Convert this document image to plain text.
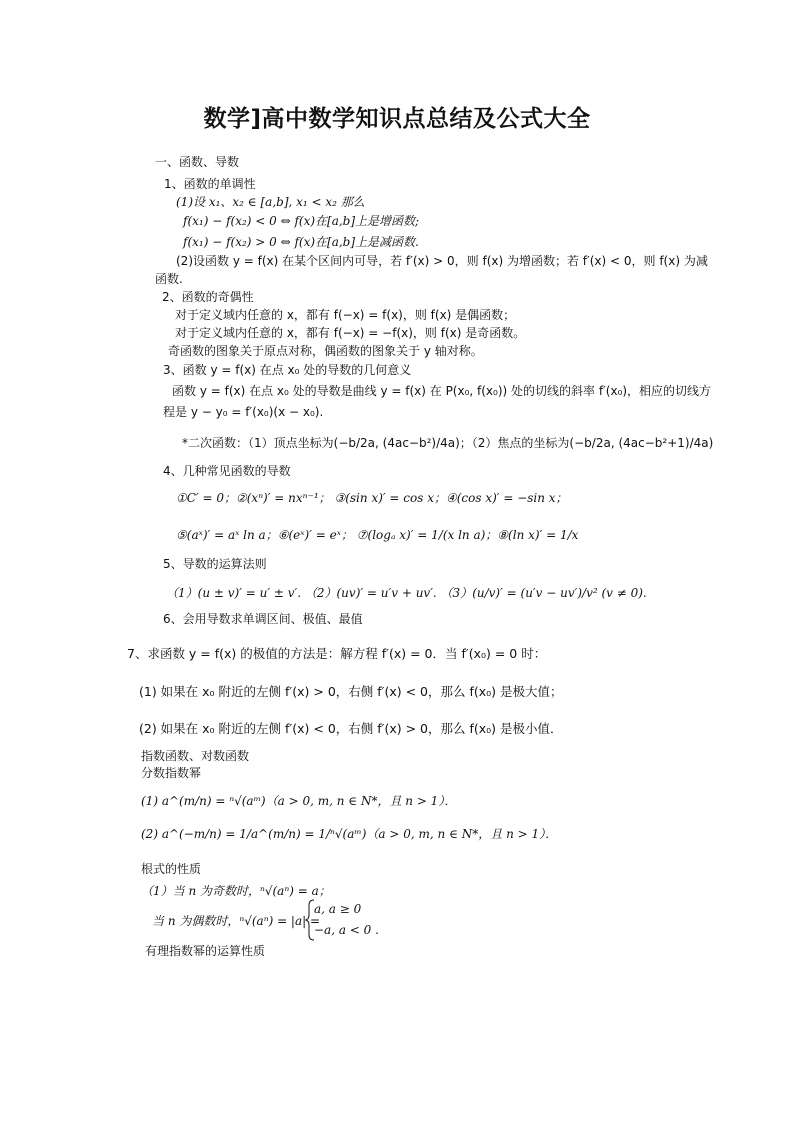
数学]高中数学知识点总结及公式大全
一、函数、导数
1、函数的单调性
(1)设 x₁、x₂ ∈ [a,b], x₁ < x₂ 那么
f(x₁) − f(x₂) < 0 ⇔ f(x)在[a,b]上是增函数;
f(x₁) − f(x₂) > 0 ⇔ f(x)在[a,b]上是减函数.
(2)设函数 y = f(x) 在某个区间内可导，若 f′(x) > 0，则 f(x) 为增函数；若 f′(x) < 0，则 f(x) 为减
函数.
2、函数的奇偶性
对于定义域内任意的 x，都有 f(−x) = f(x)，则 f(x) 是偶函数；
对于定义域内任意的 x，都有 f(−x) = −f(x)，则 f(x) 是奇函数。
奇函数的图象关于原点对称，偶函数的图象关于 y 轴对称。
3、函数 y = f(x) 在点 x₀ 处的导数的几何意义
函数 y = f(x) 在点 x₀ 处的导数是曲线 y = f(x) 在 P(x₀, f(x₀)) 处的切线的斜率 f′(x₀)，相应的切线方
程是 y − y₀ = f′(x₀)(x − x₀).
*二次函数：（1）顶点坐标为(−b/2a, (4ac−b²)/4a)；（2）焦点的坐标为(−b/2a, (4ac−b²+1)/4a)
4、几种常见函数的导数
①C′ = 0；②(xⁿ)′ = nxⁿ⁻¹； ③(sin x)′ = cos x；④(cos x)′ = −sin x；
⑤(aˣ)′ = aˣ ln a；⑥(eˣ)′ = eˣ； ⑦(logₐ x)′ = 1/(x ln a)；⑧(ln x)′ = 1/x
5、导数的运算法则
（1）(u ± v)′ = u′ ± v′. （2）(uv)′ = u′v + uv′. （3）(u/v)′ = (u′v − uv′)/v² (v ≠ 0).
6、会用导数求单调区间、极值、最值
7、求函数 y = f(x) 的极值的方法是：解方程 f′(x) = 0．当 f′(x₀) = 0 时：
(1) 如果在 x₀ 附近的左侧 f′(x) > 0，右侧 f′(x) < 0，那么 f(x₀) 是极大值；
(2) 如果在 x₀ 附近的左侧 f′(x) < 0，右侧 f′(x) > 0，那么 f(x₀) 是极小值．
指数函数、对数函数
分数指数幂
(1) a^(m/n) = ⁿ√(aᵐ)（a > 0, m, n ∈ N*，且 n > 1）．
(2) a^(−m/n) = 1/a^(m/n) = 1/ⁿ√(aᵐ)（a > 0, m, n ∈ N*，且 n > 1）．
根式的性质
（1）当 n 为奇数时，ⁿ√(aⁿ) = a；
当 n 为偶数时，ⁿ√(aⁿ) = |a| =
a, a ≥ 0
−a, a < 0 .
有理指数幂的运算性质
